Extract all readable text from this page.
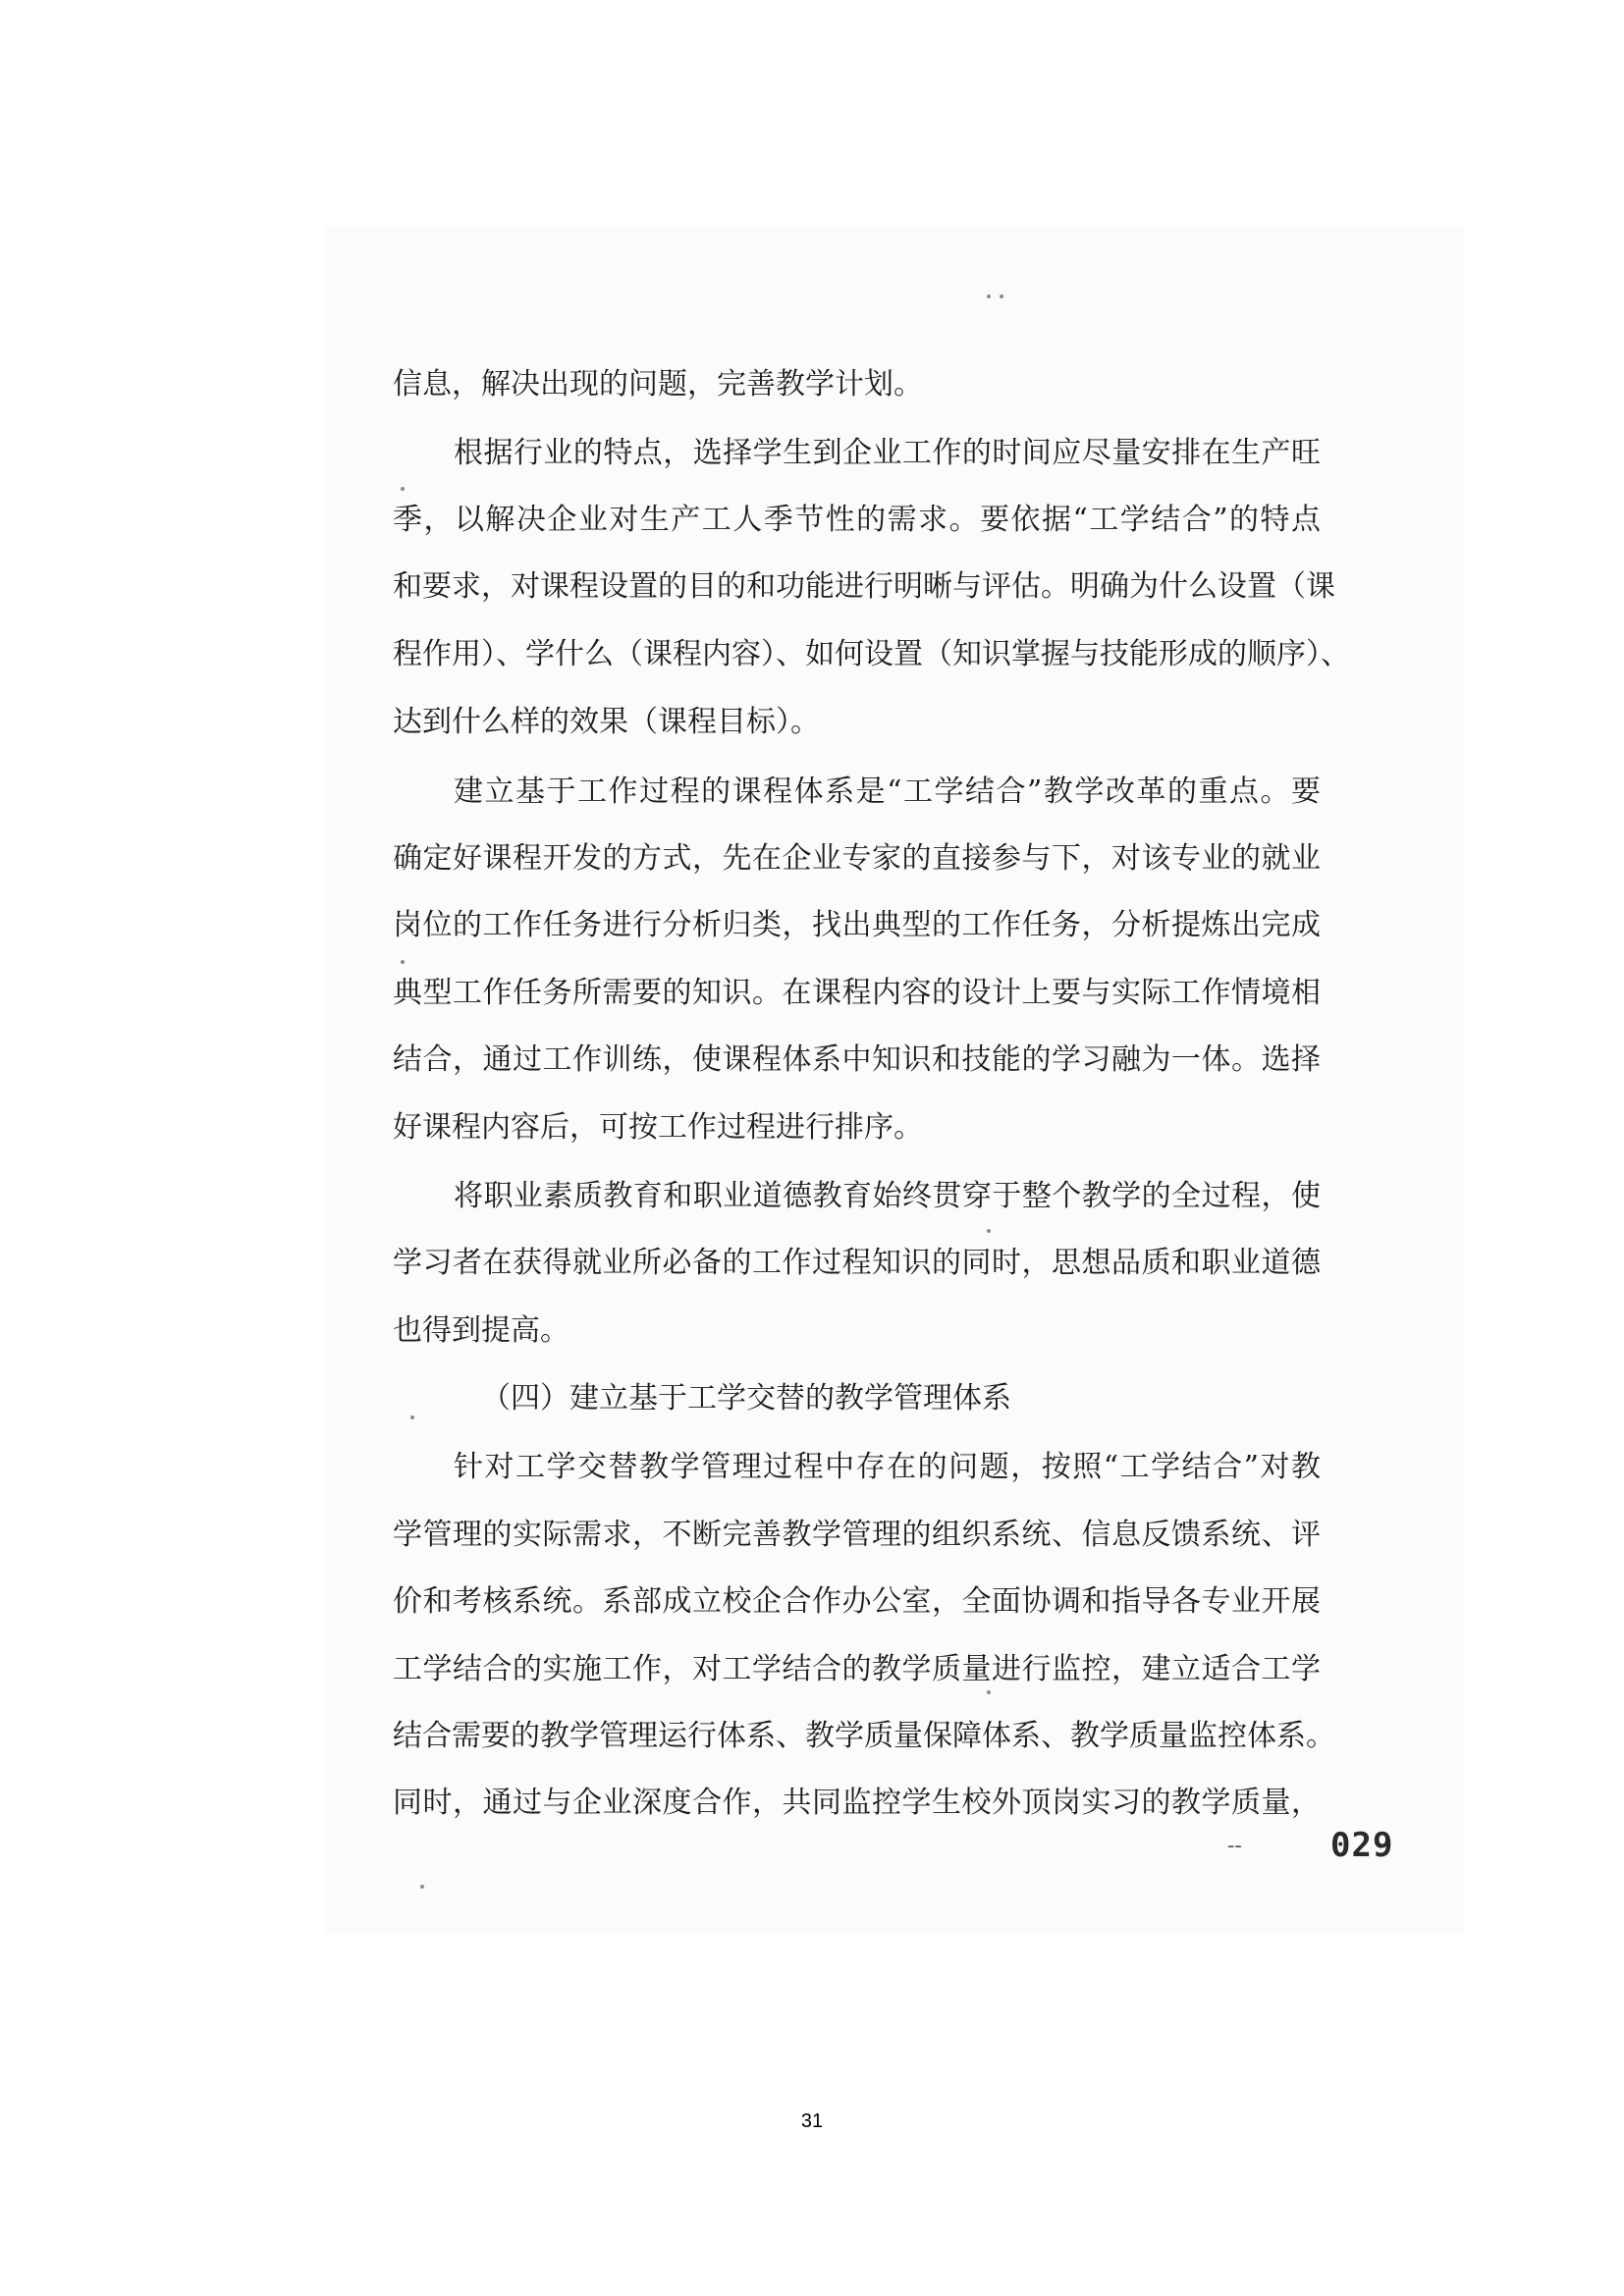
信息，解决出现的问题，完善教学计划。
根据行业的特点，选择学生到企业工作的时间应尽量安排在生产旺
季，以解决企业对生产工人季节性的需求。要依据“工学结合”的特点
和要求，对课程设置的目的和功能进行明晰与评估。明确为什么设置（课
程作用）、学什么（课程内容）、如何设置（知识掌握与技能形成的顺序）、
达到什么样的效果（课程目标）。
建立基于工作过程的课程体系是“工学结合”教学改革的重点。要
确定好课程开发的方式，先在企业专家的直接参与下，对该专业的就业
岗位的工作任务进行分析归类，找出典型的工作任务，分析提炼出完成
典型工作任务所需要的知识。在课程内容的设计上要与实际工作情境相
结合，通过工作训练，使课程体系中知识和技能的学习融为一体。选择
好课程内容后，可按工作过程进行排序。
将职业素质教育和职业道德教育始终贯穿于整个教学的全过程，使
学习者在获得就业所必备的工作过程知识的同时，思想品质和职业道德
也得到提高。
（四）建立基于工学交替的教学管理体系
针对工学交替教学管理过程中存在的问题，按照“工学结合”对教
学管理的实际需求，不断完善教学管理的组织系统、信息反馈系统、评
价和考核系统。系部成立校企合作办公室，全面协调和指导各专业开展
工学结合的实施工作，对工学结合的教学质量进行监控，建立适合工学
结合需要的教学管理运行体系、教学质量保障体系、教学质量监控体系。
同时，通过与企业深度合作，共同监控学生校外顶岗实习的教学质量，
--	029
31
